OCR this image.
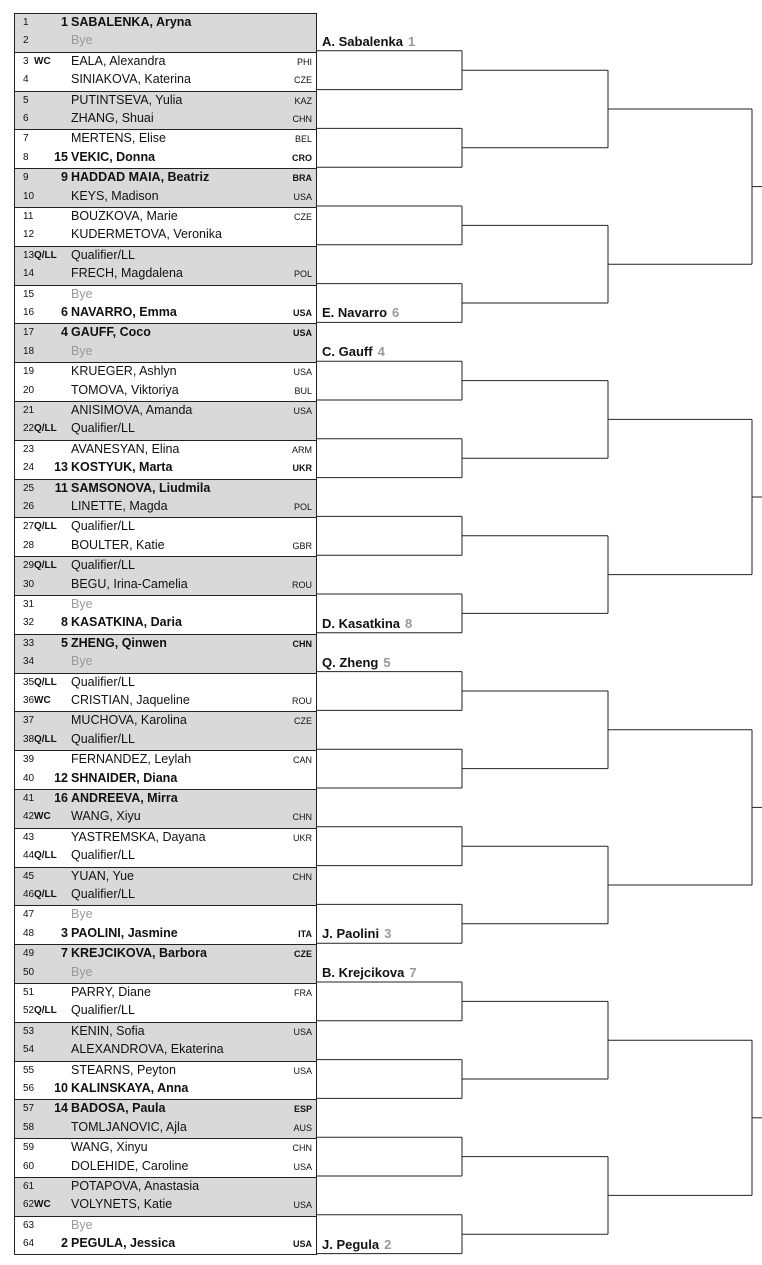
1	1 SABALENKA, Aryna
2	Bye
3 WC EALA, Alexandra	PHI
4	SINIAKOVA, Katerina	CZE
5	PUTINTSEVA, Yulia	KAZ
6	ZHANG, Shuai	CHN
7	MERTENS, Elise	BEL
8	15 VEKIC, Donna	CRO
9	9 HADDAD MAIA, Beatriz	BRA
10	KEYS, Madison	USA
11	BOUZKOVA, Marie	CZE
12	KUDERMETOVA, Veronika
13 Q/LL Qualifier/LL
14	FRECH, Magdalena	POL
15	Bye
16	6 NAVARRO, Emma	USA
17	4 GAUFF, Coco	USA
18	Bye
19	KRUEGER, Ashlyn	USA
20	TOMOVA, Viktoriya	BUL
21	ANISIMOVA, Amanda	USA
22 Q/LL Qualifier/LL
23	AVANESYAN, Elina	ARM
24	13 KOSTYUK, Marta	UKR
25	11 SAMSONOVA, Liudmila
26	LINETTE, Magda	POL
27 Q/LL Qualifier/LL
28	BOULTER, Katie	GBR
29 Q/LL Qualifier/LL
30	BEGU, Irina-Camelia	ROU
31	Bye
32	8 KASATKINA, Daria
33	5 ZHENG, Qinwen	CHN
34	Bye
35 Q/LL Qualifier/LL
36 WC CRISTIAN, Jaqueline	ROU
37	MUCHOVA, Karolina	CZE
38 Q/LL Qualifier/LL
39	FERNANDEZ, Leylah	CAN
40	12 SHNAIDER, Diana
41	16 ANDREEVA, Mirra
42 WC WANG, Xiyu	CHN
43	YASTREMSKA, Dayana	UKR
44 Q/LL Qualifier/LL
45	YUAN, Yue	CHN
46 Q/LL Qualifier/LL
47	Bye
48	3 PAOLINI, Jasmine	ITA
49	7 KREJCIKOVA, Barbora	CZE
50	Bye
51	PARRY, Diane	FRA
52 Q/LL Qualifier/LL
53	KENIN, Sofia	USA
54	ALEXANDROVA, Ekaterina
55	STEARNS, Peyton	USA
56	10 KALINSKAYA, Anna
57	14 BADOSA, Paula	ESP
58	TOMLJANOVIC, Ajla	AUS
59	WANG, Xinyu	CHN
60	DOLEHIDE, Caroline	USA
61	POTAPOVA, Anastasia
62 WC VOLYNETS, Katie	USA
63	Bye
64	2 PEGULA, Jessica	USA
A. Sabalenka 1
E. Navarro 6
C. Gauff 4
D. Kasatkina 8
Q. Zheng 5
J. Paolini 3
B. Krejcikova 7
J. Pegula 2
